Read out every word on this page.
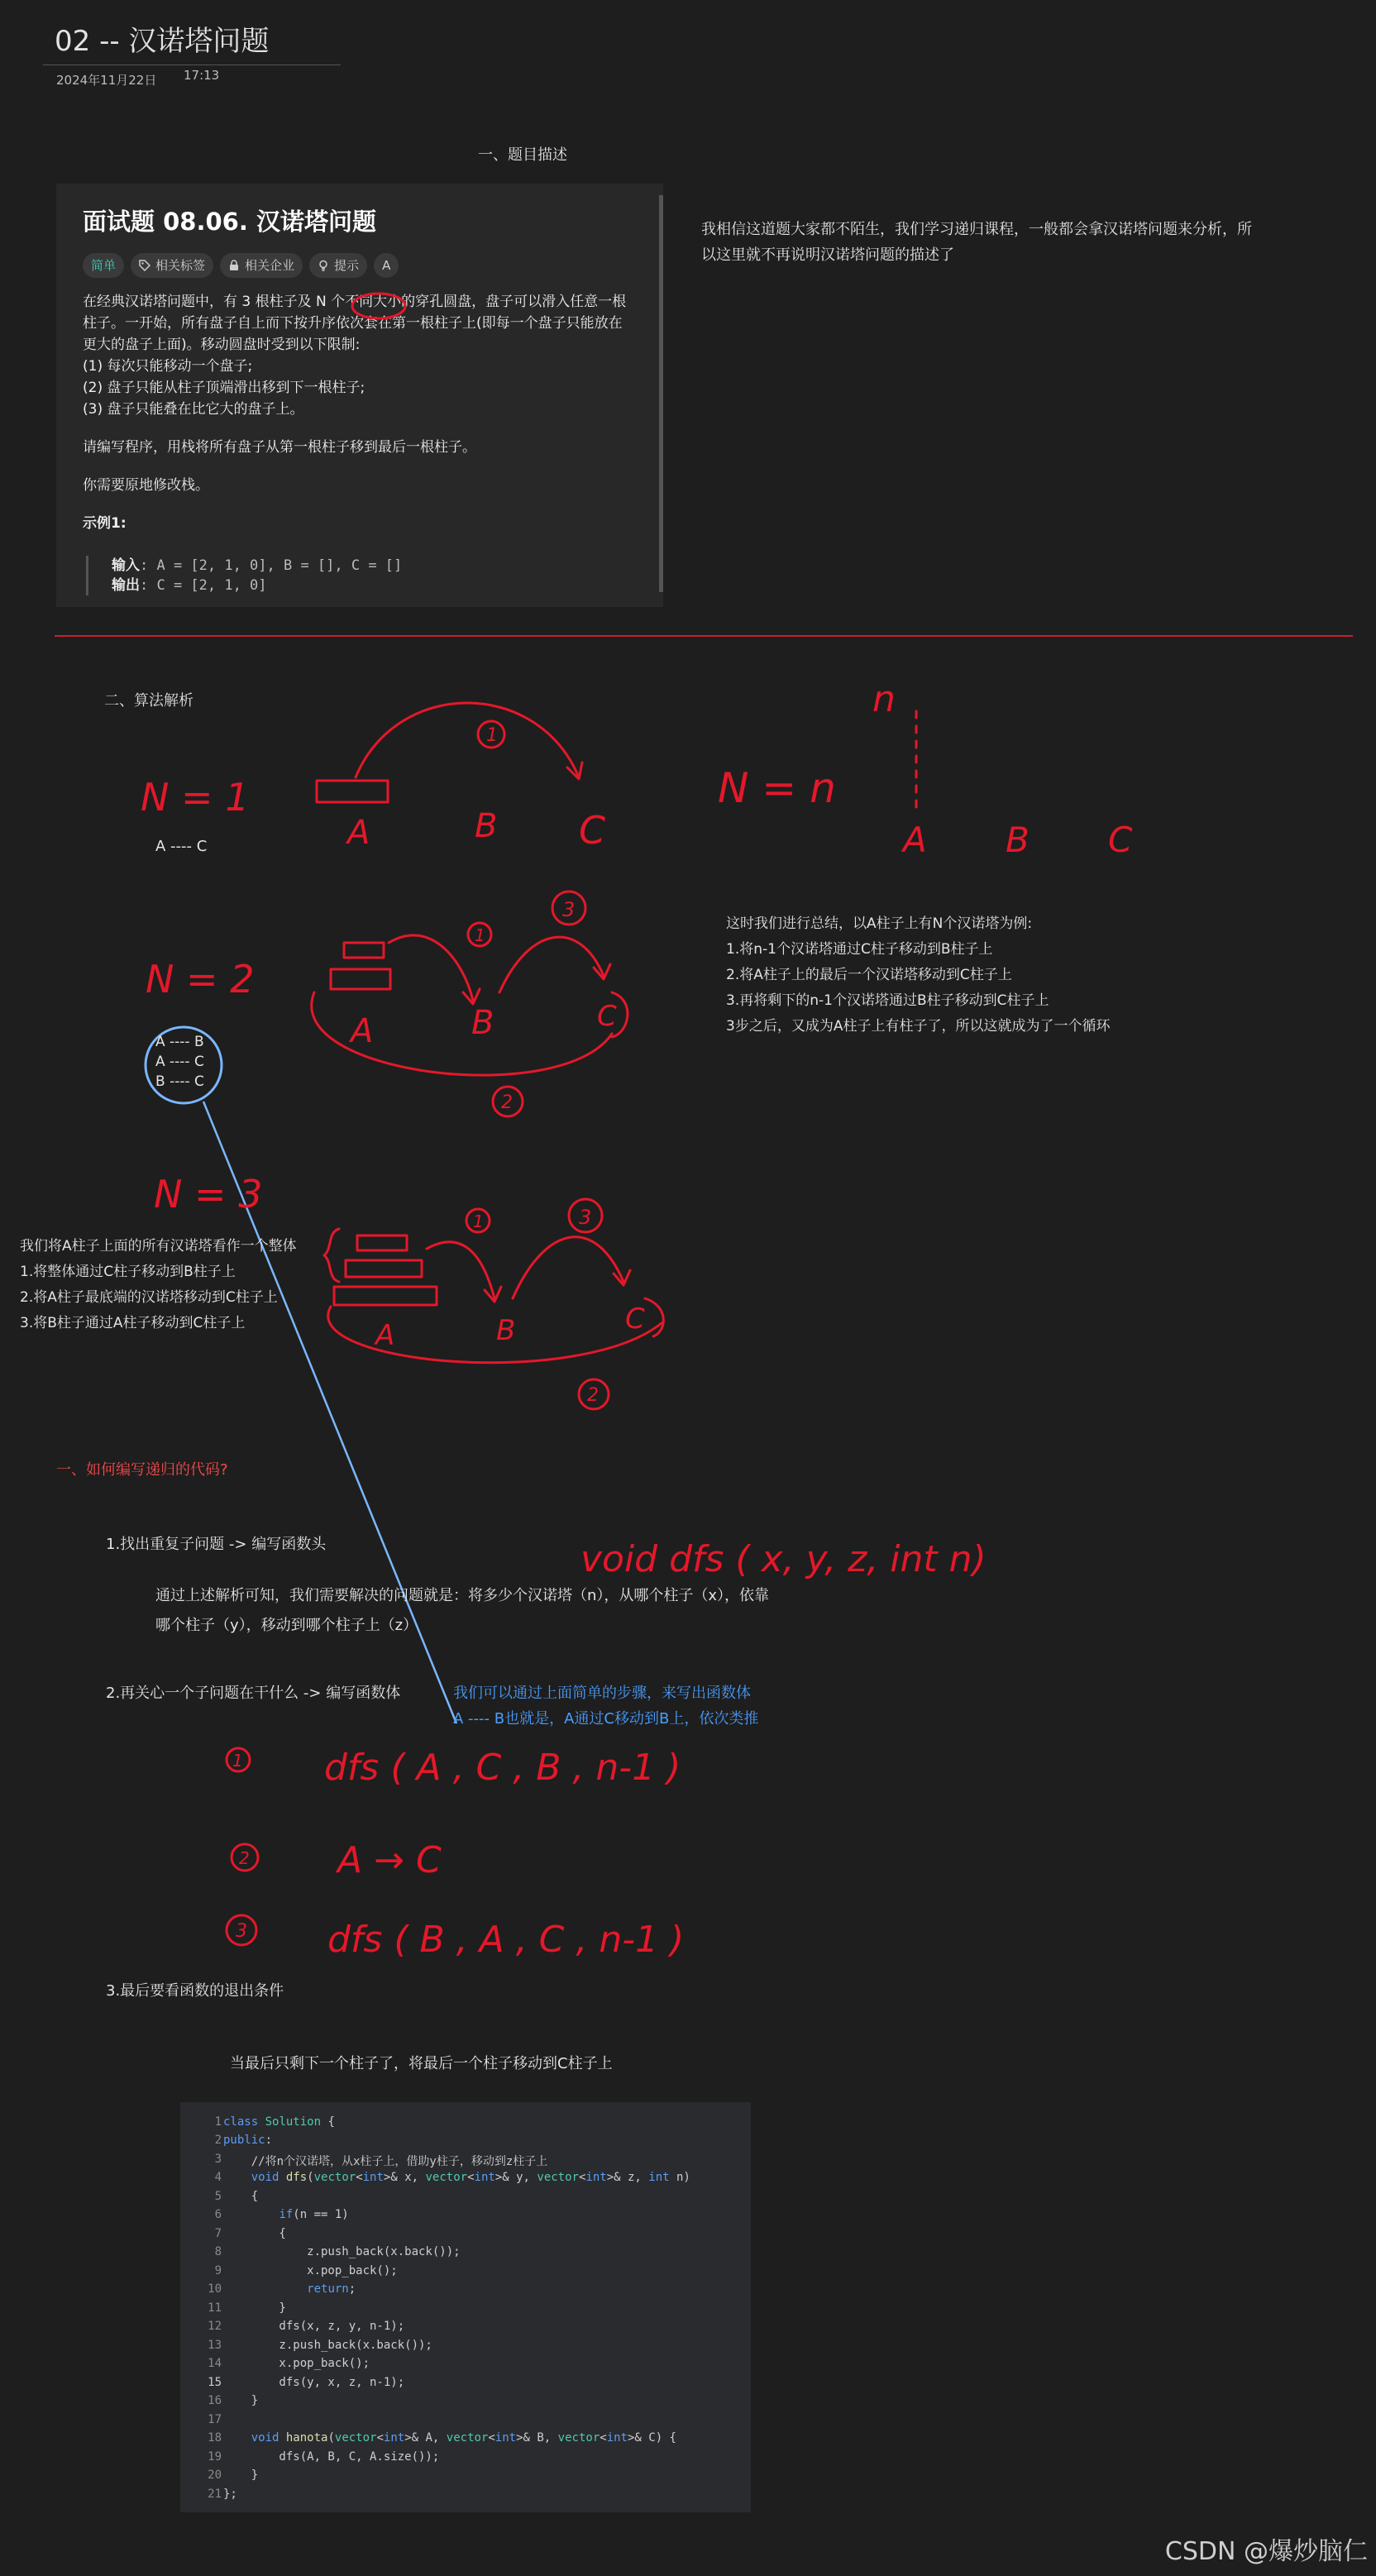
02 -- 汉诺塔问题
2024年11月22日 17:13
一、题目描述
面试题 08.06. 汉诺塔问题
简单	相关标签	相关企业	提示 A

在经典汉诺塔问题中，有 3 根柱子及 N 个不同大小的穿孔圆盘，盘子可以滑入任意一根

柱子。一开始，所有盘子自上而下按升序依次套在第一根柱子上(即每一个盘子只能放在

更大的盘子上面)。移动圆盘时受到以下限制:

(1) 每次只能移动一个盘子;

(2) 盘子只能从柱子顶端滑出移到下一根柱子;

(3) 盘子只能叠在比它大的盘子上。

请编写程序，用栈将所有盘子从第一根柱子移到最后一根柱子。

你需要原地修改栈。

示例1:

输入: A = [2, 1, 0], B = [], C = []
输出: C = [2, 1, 0]
我相信这道题大家都不陌生，我们学习递归课程，一般都会拿汉诺塔问题来分析，所
以这里就不再说明汉诺塔问题的描述了
二、算法解析
N = 1
1
A	B C
N = n
n
A B C
N = 2
1
3
A	B	C
2
N = 3
1	3
A	B	C
2
void dfs ( x, y, z, int n)
1 dfs ( A , C , B , n-1 )
2 A → C
3 dfs ( B , A , C , n-1 )
A ---- C
A ---- B
A ---- C
B ---- C
这时我们进行总结，以A柱子上有N个汉诺塔为例:
1.将n-1个汉诺塔通过C柱子移动到B柱子上
2.将A柱子上的最后一个汉诺塔移动到C柱子上
3.再将剩下的n-1个汉诺塔通过B柱子移动到C柱子上
3步之后，又成为A柱子上有柱子了，所以这就成为了一个循环
我们将A柱子上面的所有汉诺塔看作一个整体
1.将整体通过C柱子移动到B柱子上
2.将A柱子最底端的汉诺塔移动到C柱子上
3.将B柱子通过A柱子移动到C柱子上
一、如何编写递归的代码?
1.找出重复子问题 -> 编写函数头
通过上述解析可知，我们需要解决的问题就是：将多少个汉诺塔（n），从哪个柱子（x），依靠
哪个柱子（y），移动到哪个柱子上（z）
2.再关心一个子问题在干什么 -> 编写函数体	我们可以通过上面简单的步骤，来写出函数体
A ---- B也就是，A通过C移动到B上，依次类推
3.最后要看函数的退出条件
当最后只剩下一个柱子了，将最后一个柱子移动到C柱子上
1 class Solution {
2 public:
3 //将n个汉诺塔，从x柱子上，借助y柱子，移动到z柱子上
4	void dfs(vector<int>& x, vector<int>& y, vector<int>& z, int n)
5 {
6	if(n == 1)
7 {
8 z.push_back(x.back());
9 x.pop_back();
10	return;
11 }
12 dfs(x, z, y, n-1);
13 z.push_back(x.back());
14 x.pop_back();
15 dfs(y, x, z, n-1);
16 }
17
18	void hanota(vector<int>& A, vector<int>& B, vector<int>& C) {
19 dfs(A, B, C, A.size());
20 }
21 };
CSDN @爆炒脑仁
